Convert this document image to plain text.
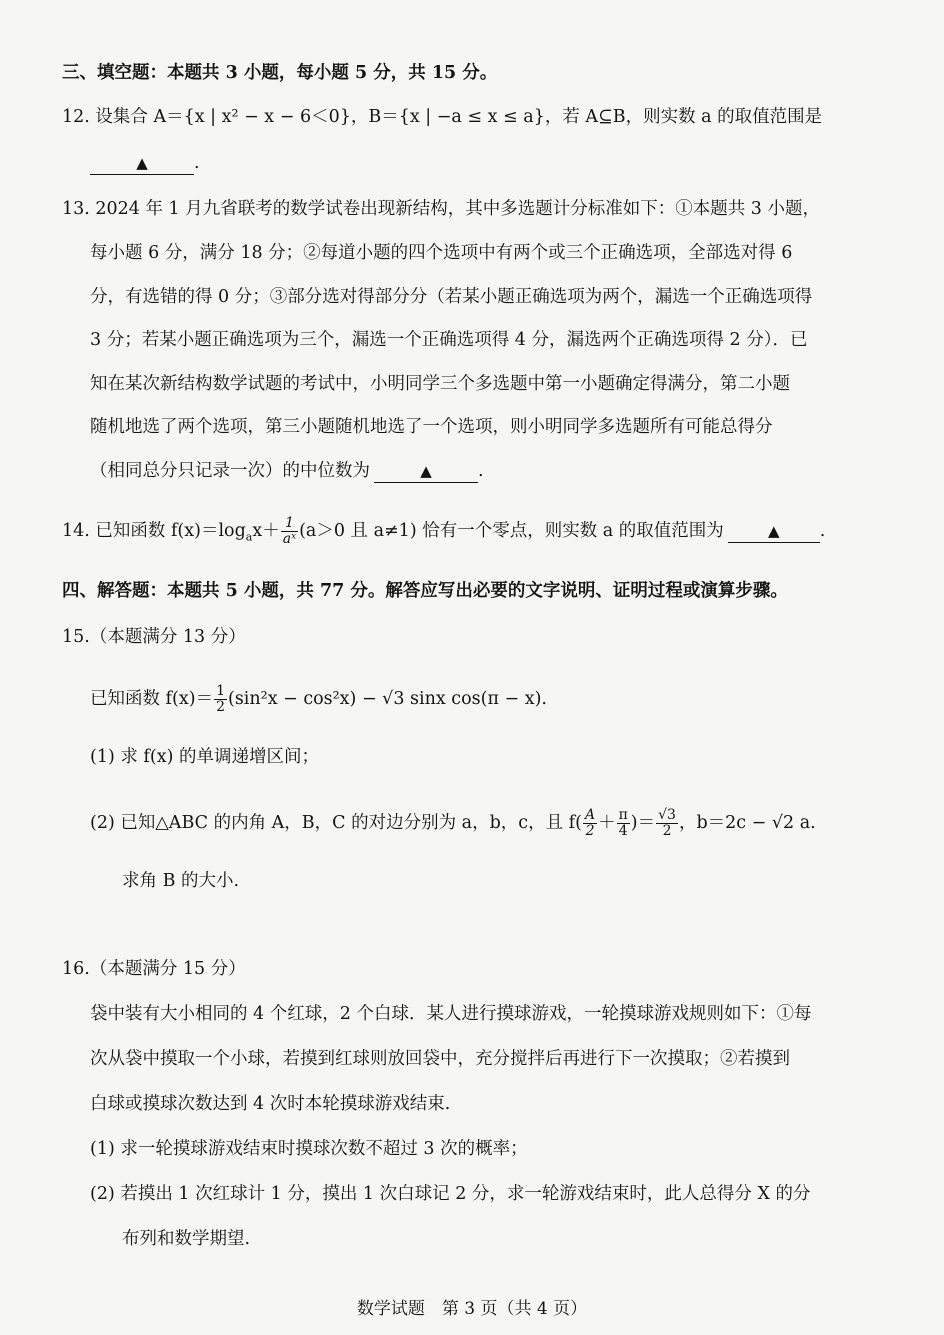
三、填空题：本题共 3 小题，每小题 5 分，共 15 分。
12. 设集合 A＝{x | x² − x − 6＜0}，B＝{x | −a ≤ x ≤ a}，若 A⊆B，则实数 a 的取值范围是
▲	.
13. 2024 年 1 月九省联考的数学试卷出现新结构，其中多选题计分标准如下：①本题共 3 小题，
每小题 6 分，满分 18 分；②每道小题的四个选项中有两个或三个正确选项，全部选对得 6
分，有选错的得 0 分；③部分选对得部分分（若某小题正确选项为两个，漏选一个正确选项得
3 分；若某小题正确选项为三个，漏选一个正确选项得 4 分，漏选两个正确选项得 2 分）．已
知在某次新结构数学试题的考试中，小明同学三个多选题中第一小题确定得满分，第二小题
随机地选了两个选项，第三小题随机地选了一个选项，则小明同学多选题所有可能总得分
（相同总分只记录一次）的中位数为	▲	.
14. 已知函数 $f(x)=\log_ax+ \frac{1}{\text{aˣ}} (a>0$ 且 a≠1) 恰有一个零点，则实数 a 的取值范围为	▲ .
四、解答题：本题共 5 小题，共 77 分。解答应写出必要的文字说明、证明过程或演算步骤。
15.（本题满分 13 分）
已知函数 $f(x)= \frac{1}{2} (\sin^2x - \cos^2x) - √3$ sinx cos(π − x).
(1) 求 f(x) 的单调递增区间；
(2) 已知△ABC 的内角 A，B，C 的对边分别为 a，b，c，且 $f( \frac{A}{2} + \frac{\pi}{4}$ )＝ $\frac{√3}{2}$ ，b＝2c − √2 a.
求角 B 的大小.
16.（本题满分 15 分）
袋中装有大小相同的 4 个红球，2 个白球．某人进行摸球游戏，一轮摸球游戏规则如下：①每
次从袋中摸取一个小球，若摸到红球则放回袋中，充分搅拌后再进行下一次摸取；②若摸到
白球或摸球次数达到 4 次时本轮摸球游戏结束.
(1) 求一轮摸球游戏结束时摸球次数不超过 3 次的概率；
(2) 若摸出 1 次红球计 1 分，摸出 1 次白球记 2 分，求一轮游戏结束时，此人总得分 X 的分
布列和数学期望.
数学试题　第 3 页（共 4 页）
